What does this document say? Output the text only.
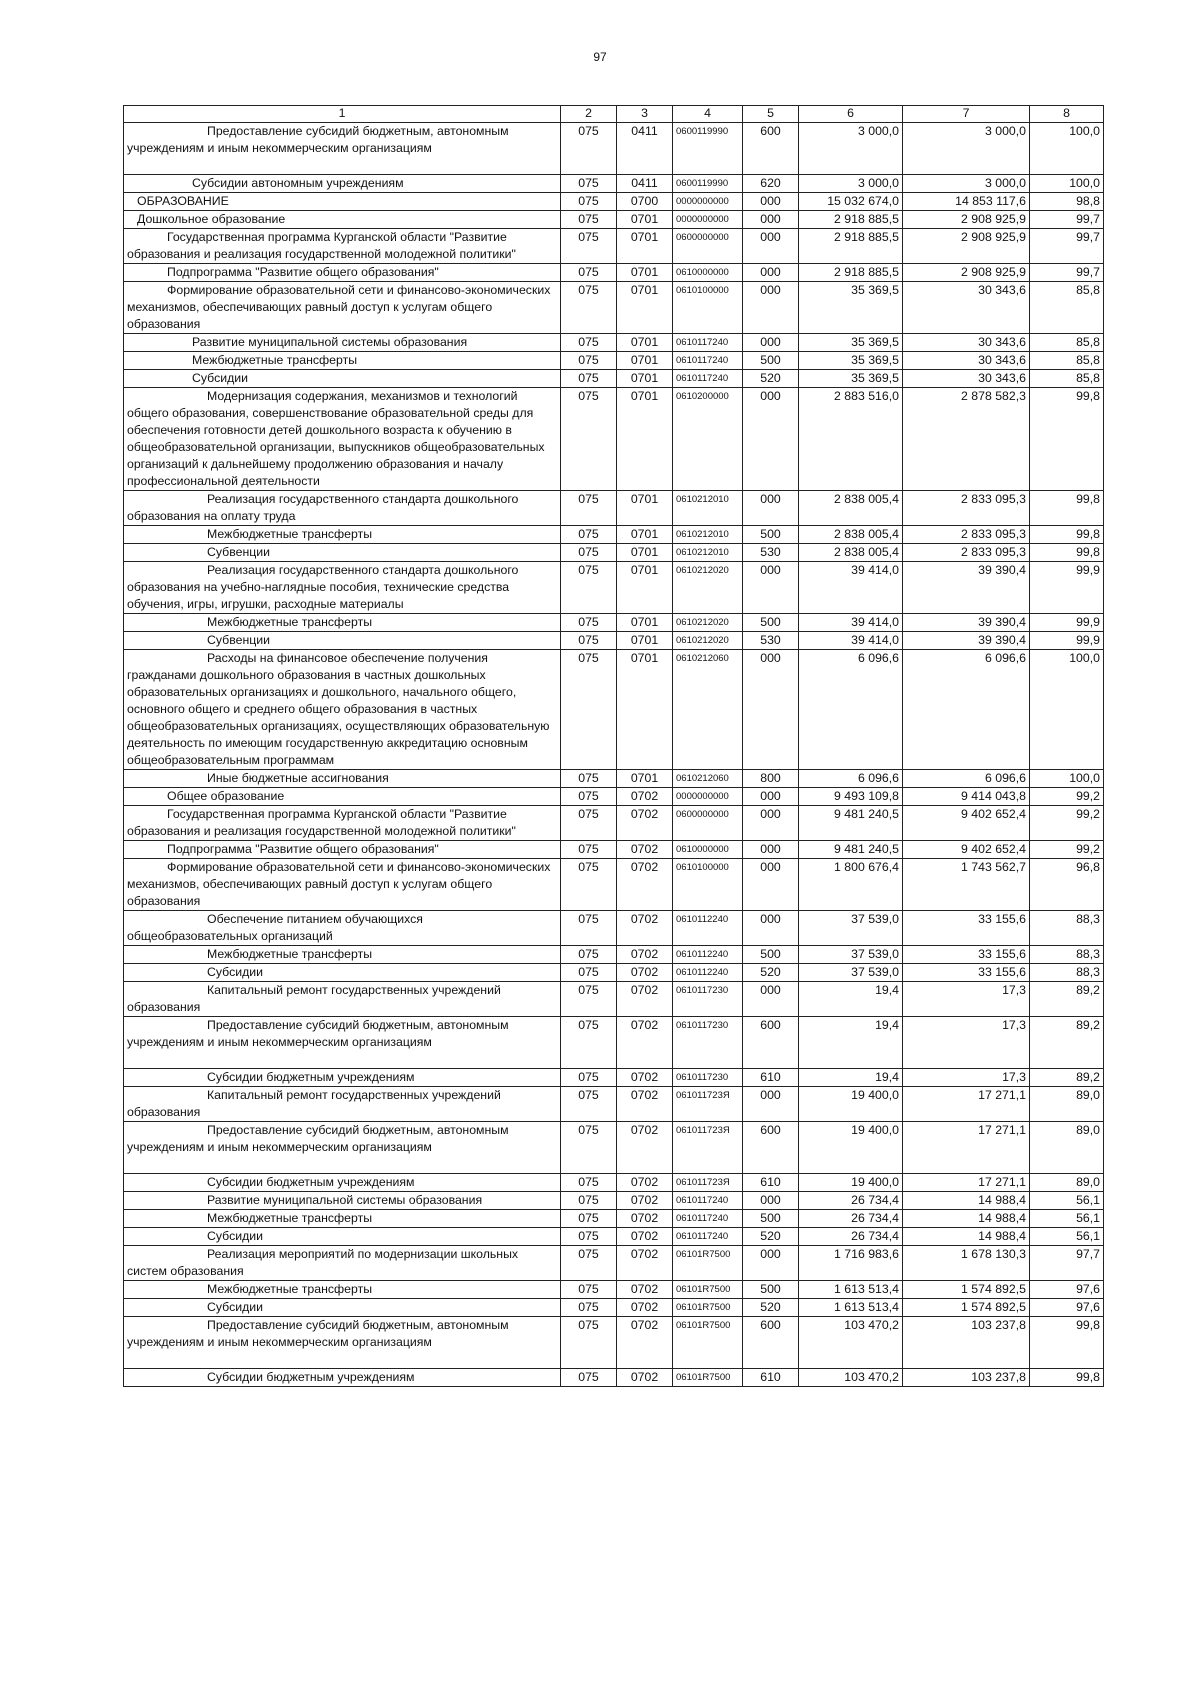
97
1	2	3	4	5	6	7	8
Предоставление субсидий бюджетным, автономным учреждениям и иным некоммерческим организациям	075	0411	0600119990	600	3 000,0	3 000,0	100,0
Субсидии автономным учреждениям	075	0411	0600119990	620	3 000,0	3 000,0	100,0
ОБРАЗОВАНИЕ	075	0700	0000000000	000	15 032 674,0	14 853 117,6	98,8
Дошкольное образование	075	0701	0000000000	000	2 918 885,5	2 908 925,9	99,7
Государственная программа Курганской области "Развитие образования и реализация государственной молодежной политики"	075	0701	0600000000	000	2 918 885,5	2 908 925,9	99,7
Подпрограмма "Развитие общего образования"	075	0701	0610000000	000	2 918 885,5	2 908 925,9	99,7
Формирование образовательной сети и финансово-экономических механизмов, обеспечивающих равный доступ к услугам общего образования	075	0701	0610100000	000	35 369,5	30 343,6	85,8
Развитие муниципальной системы образования	075	0701	0610117240	000	35 369,5	30 343,6	85,8
Межбюджетные трансферты	075	0701	0610117240	500	35 369,5	30 343,6	85,8
Субсидии	075	0701	0610117240	520	35 369,5	30 343,6	85,8
Модернизация содержания, механизмов и технологий общего образования, совершенствование образовательной среды для обеспечения готовности детей дошкольного возраста к обучению в общеобразовательной организации, выпускников общеобразовательных организаций к дальнейшему продолжению образования и началу профессиональной деятельности	075	0701	0610200000	000	2 883 516,0	2 878 582,3	99,8
Реализация государственного стандарта дошкольного образования на оплату труда	075	0701	0610212010	000	2 838 005,4	2 833 095,3	99,8
Межбюджетные трансферты	075	0701	0610212010	500	2 838 005,4	2 833 095,3	99,8
Субвенции	075	0701	0610212010	530	2 838 005,4	2 833 095,3	99,8
Реализация государственного стандарта дошкольного образования на учебно-наглядные пособия, технические средства обучения, игры, игрушки, расходные материалы	075	0701	0610212020	000	39 414,0	39 390,4	99,9
Межбюджетные трансферты	075	0701	0610212020	500	39 414,0	39 390,4	99,9
Субвенции	075	0701	0610212020	530	39 414,0	39 390,4	99,9
Расходы на финансовое обеспечение получения гражданами дошкольного образования в частных дошкольных образовательных организациях и дошкольного, начального общего, основного общего и среднего общего образования в частных общеобразовательных организациях, осуществляющих образовательную деятельность по имеющим государственную аккредитацию основным общеобразовательным программам	075	0701	0610212060	000	6 096,6	6 096,6	100,0
Иные бюджетные ассигнования	075	0701	0610212060	800	6 096,6	6 096,6	100,0
Общее образование	075	0702	0000000000	000	9 493 109,8	9 414 043,8	99,2
Государственная программа Курганской области "Развитие образования и реализация государственной молодежной политики"	075	0702	0600000000	000	9 481 240,5	9 402 652,4	99,2
Подпрограмма "Развитие общего образования"	075	0702	0610000000	000	9 481 240,5	9 402 652,4	99,2
Формирование образовательной сети и финансово-экономических механизмов, обеспечивающих равный доступ к услугам общего образования	075	0702	0610100000	000	1 800 676,4	1 743 562,7	96,8
Обеспечение питанием обучающихся общеобразовательных организаций	075	0702	0610112240	000	37 539,0	33 155,6	88,3
Межбюджетные трансферты	075	0702	0610112240	500	37 539,0	33 155,6	88,3
Субсидии	075	0702	0610112240	520	37 539,0	33 155,6	88,3
Капитальный ремонт государственных учреждений образования	075	0702	0610117230	000	19,4	17,3	89,2
Предоставление субсидий бюджетным, автономным учреждениям и иным некоммерческим организациям	075	0702	0610117230	600	19,4	17,3	89,2
Субсидии бюджетным учреждениям	075	0702	0610117230	610	19,4	17,3	89,2
Капитальный ремонт государственных учреждений образования	075	0702	061011723Я	000	19 400,0	17 271,1	89,0
Предоставление субсидий бюджетным, автономным учреждениям и иным некоммерческим организациям	075	0702	061011723Я	600	19 400,0	17 271,1	89,0
Субсидии бюджетным учреждениям	075	0702	061011723Я	610	19 400,0	17 271,1	89,0
Развитие муниципальной системы образования	075	0702	0610117240	000	26 734,4	14 988,4	56,1
Межбюджетные трансферты	075	0702	0610117240	500	26 734,4	14 988,4	56,1
Субсидии	075	0702	0610117240	520	26 734,4	14 988,4	56,1
Реализация мероприятий по модернизации школьных систем образования	075	0702	06101R7500	000	1 716 983,6	1 678 130,3	97,7
Межбюджетные трансферты	075	0702	06101R7500	500	1 613 513,4	1 574 892,5	97,6
Субсидии	075	0702	06101R7500	520	1 613 513,4	1 574 892,5	97,6
Предоставление субсидий бюджетным, автономным учреждениям и иным некоммерческим организациям	075	0702	06101R7500	600	103 470,2	103 237,8	99,8
Субсидии бюджетным учреждениям	075	0702	06101R7500	610	103 470,2	103 237,8	99,8
